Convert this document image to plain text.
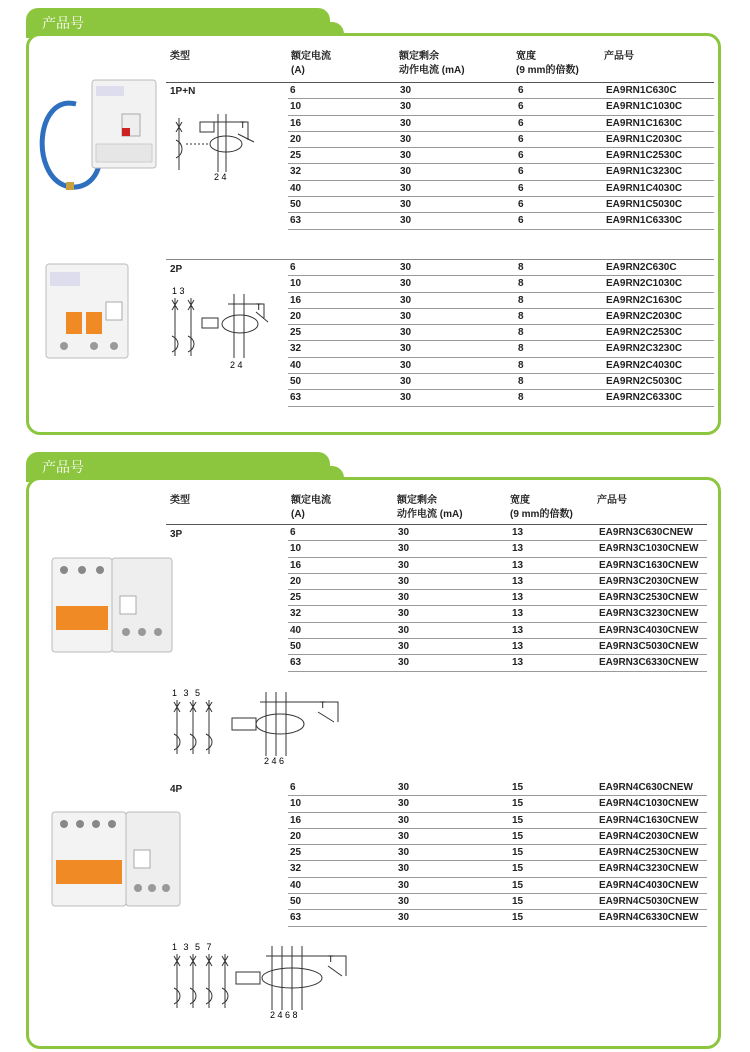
产品号
类型	额定电流
(A)
额定剩余
动作电流 (mA)
宽度
(9 mm的倍数)
产品号
1P+N	6	30	6	EA9RN1C630C
10	30	6	EA9RN1C1030C
16	30	6	EA9RN1C1630C
20	30	6	EA9RN1C2030C
25	30	6	EA9RN1C2530C
32	30	6	EA9RN1C3230C
40	30	6	EA9RN1C4030C
50	30	6	EA9RN1C5030C
63	30	6	EA9RN1C6330C
2P	6	30	8	EA9RN2C630C
10	30	8	EA9RN2C1030C
16	30	8	EA9RN2C1630C
20	30	8	EA9RN2C2030C
25	30	8	EA9RN2C2530C
32	30	8	EA9RN2C3230C
40	30	8	EA9RN2C4030C
50	30	8	EA9RN2C5030C
63	30	8	EA9RN2C6330C
2 4
T
1 3
2 4
T
产品号
类型	额定电流
(A)
额定剩余
动作电流 (mA)
宽度
(9 mm的倍数)
产品号
3P	6	30	13	EA9RN3C630CNEW
10	30	13	EA9RN3C1030CNEW
16	30	13	EA9RN3C1630CNEW
20	30	13	EA9RN3C2030CNEW
25	30	13	EA9RN3C2530CNEW
32	30	13	EA9RN3C3230CNEW
40	30	13	EA9RN3C4030CNEW
50	30	13	EA9RN3C5030CNEW
63	30	13	EA9RN3C6330CNEW
4P	6	30	15	EA9RN4C630CNEW
10	30	15	EA9RN4C1030CNEW
16	30	15	EA9RN4C1630CNEW
20	30	15	EA9RN4C2030CNEW
25	30	15	EA9RN4C2530CNEW
32	30	15	EA9RN4C3230CNEW
40	30	15	EA9RN4C4030CNEW
50	30	15	EA9RN4C5030CNEW
63	30	15	EA9RN4C6330CNEW
1 3 5
2 4 6
T
1 3 5 7
2 4 6 8
T
